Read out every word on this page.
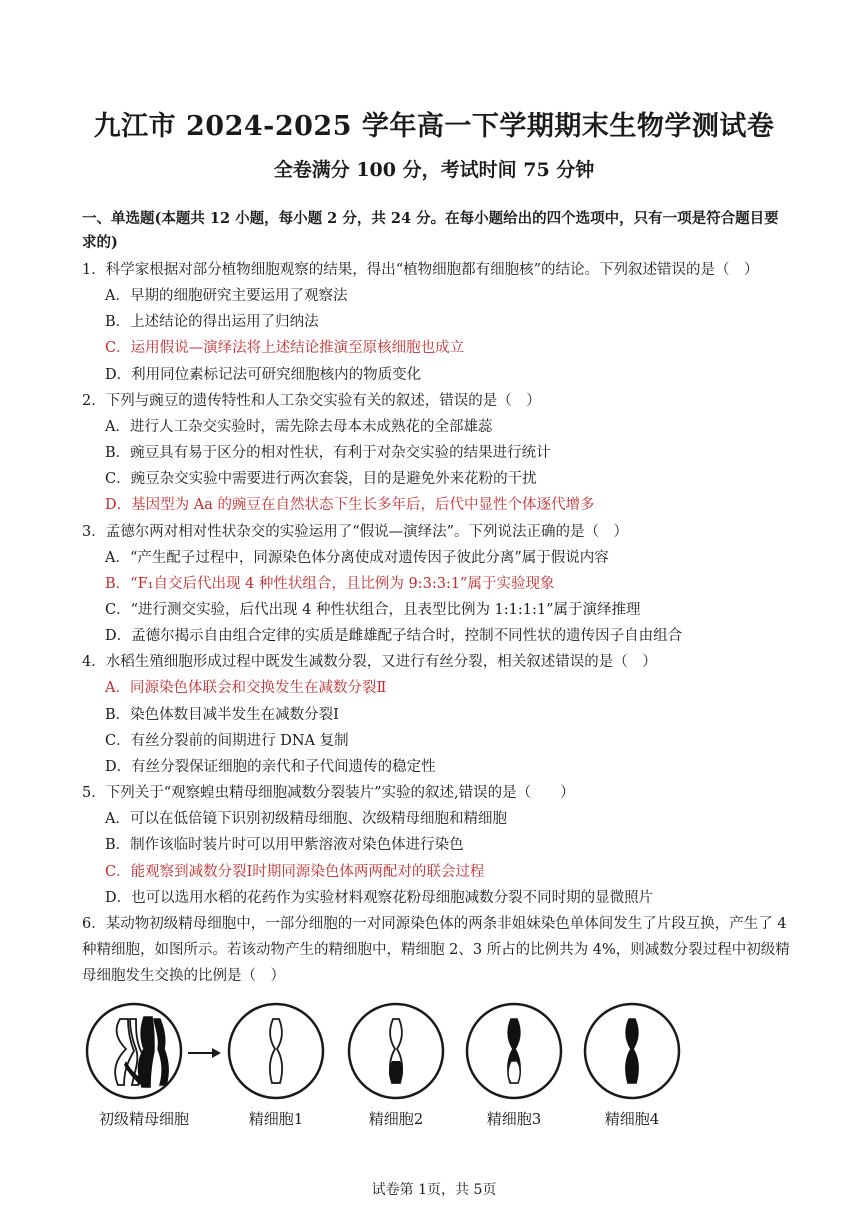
九江市 2024-2025 学年高一下学期期末生物学测试卷
全卷满分 100 分，考试时间 75 分钟
一、单选题(本题共 12 小题，每小题 2 分，共 24 分。在每小题给出的四个选项中，只有一项是符合题目要求的)
1．科学家根据对部分植物细胞观察的结果，得出“植物细胞都有细胞核”的结论。下列叙述错误的是（　）
A．早期的细胞研究主要运用了观察法
B．上述结论的得出运用了归纳法
C．运用假说—演绎法将上述结论推演至原核细胞也成立
D．利用同位素标记法可研究细胞核内的物质变化
2．下列与豌豆的遗传特性和人工杂交实验有关的叙述，错误的是（　）
A．进行人工杂交实验时，需先除去母本未成熟花的全部雄蕊
B．豌豆具有易于区分的相对性状，有利于对杂交实验的结果进行统计
C．豌豆杂交实验中需要进行两次套袋，目的是避免外来花粉的干扰
D．基因型为 Aa 的豌豆在自然状态下生长多年后，后代中显性个体逐代增多
3．孟德尔两对相对性状杂交的实验运用了“假说—演绎法”。下列说法正确的是（　）
A．“产生配子过程中，同源染色体分离使成对遗传因子彼此分离”属于假说内容
B．“F₁自交后代出现 4 种性状组合，且比例为 9:3:3:1”属于实验现象
C．“进行测交实验，后代出现 4 种性状组合，且表型比例为 1:1:1:1”属于演绎推理
D．孟德尔揭示自由组合定律的实质是雌雄配子结合时，控制不同性状的遗传因子自由组合
4．水稻生殖细胞形成过程中既发生减数分裂，又进行有丝分裂，相关叙述错误的是（　）
A．同源染色体联会和交换发生在减数分裂Ⅱ
B．染色体数目减半发生在减数分裂Ⅰ
C．有丝分裂前的间期进行 DNA 复制
D．有丝分裂保证细胞的亲代和子代间遗传的稳定性
5．下列关于“观察蝗虫精母细胞减数分裂装片”实验的叙述,错误的是（　　）
A．可以在低倍镜下识别初级精母细胞、次级精母细胞和精细胞
B．制作该临时装片时可以用甲紫溶液对染色体进行染色
C．能观察到减数分裂Ⅰ时期同源染色体两两配对的联会过程
D．也可以选用水稻的花药作为实验材料观察花粉母细胞减数分裂不同时期的显微照片
6．某动物初级精母细胞中，一部分细胞的一对同源染色体的两条非姐妹染色单体间发生了片段互换，产生了 4 种精细胞，如图所示。若该动物产生的精细胞中，精细胞 2、3 所占的比例共为 4%，则减数分裂过程中初级精母细胞发生交换的比例是（　）
初级精母细胞	精细胞1	精细胞2	精细胞3	精细胞4
试卷第 1页，共 5页
